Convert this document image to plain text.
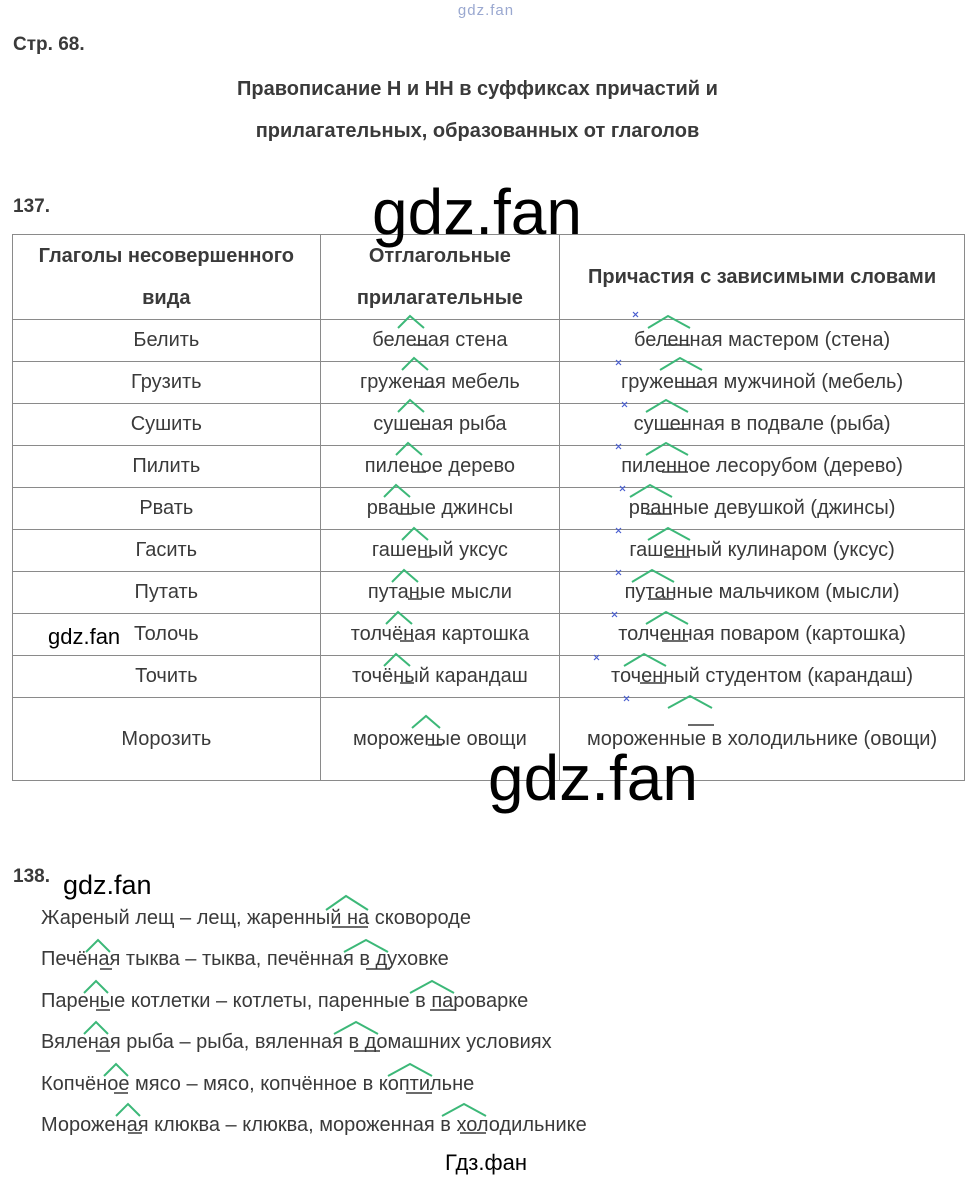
gdz.fan
Стр. 68.
Правописание Н и НН в суффиксах причастий и
прилагательных, образованных от глаголов
137.
Глаголы несовершенного вида	Отглагольные прилагательные	Причастия с зависимыми словами
Белить	беленая стена	беленная мастером (стена)
Грузить	груженая мебель	груженная мужчиной (мебель)
Сушить	сушеная рыба	сушенная в подвале (рыба)
Пилить	пиленое дерево	пиленное лесорубом (дерево)
Рвать	рваные джинсы	рванные девушкой (джинсы)
Гасить	гашеный уксус	гашенный кулинаром (уксус)
Путать	путаные мысли	путанные мальчиком (мысли)
Толочь	толчёная картошка	толченная поваром (картошка)
Точить	точёный карандаш	точенный студентом (карандаш)
Морозить	мороженые овощи	мороженные в холодильнике (овощи)
138.
Жареный лещ – лещ, жаренный на сковороде
Печёная тыква – тыква, печённая в духовке
Пареные котлетки – котлеты, паренные в пароварке
Вяленая рыба – рыба, вяленная в домашних условиях
Копчёное мясо – мясо, копчённое в коптильне
Мороженая клюква – клюква, мороженная в холодильнике
gdz.fan
gdz.fan
gdz.fan
gdz.fan
Гдз.фан
